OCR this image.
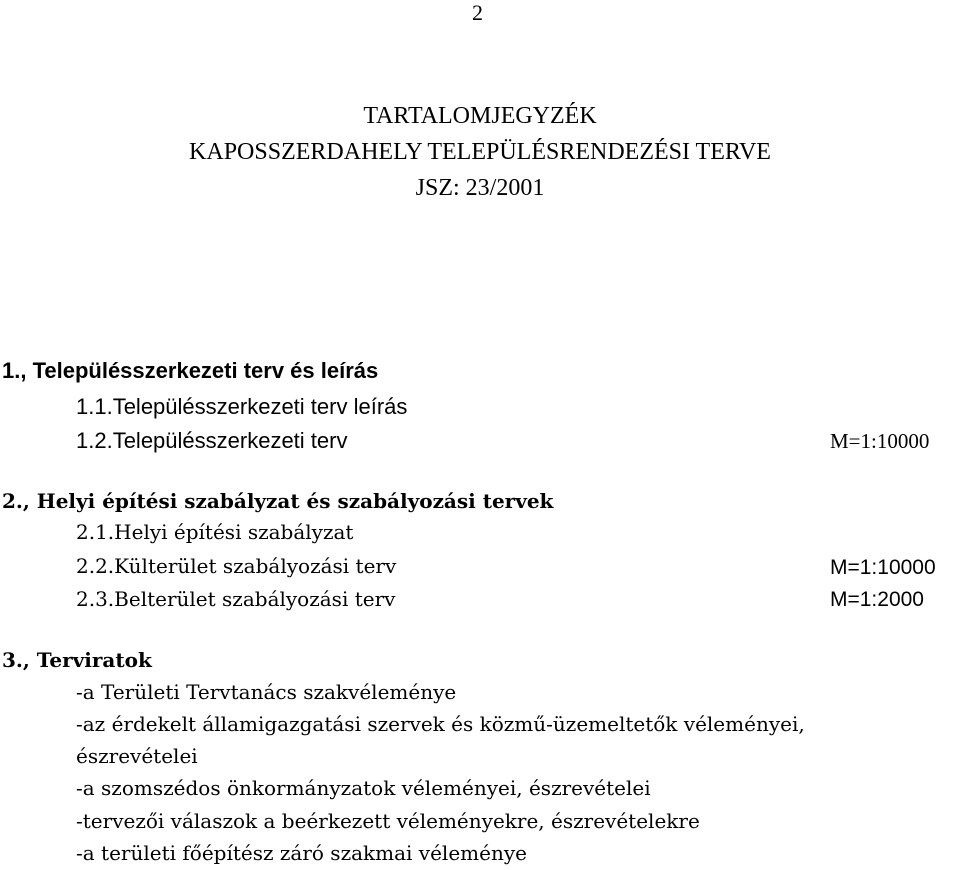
2
TARTALOMJEGYZÉK
KAPOSSZERDAHELY TELEPÜLÉSRENDEZÉSI TERVE
JSZ: 23/2001
1., Településszerkezeti terv és leírás
1.1.Településszerkezeti terv leírás
1.2.Településszerkezeti terv	M=1:10000
2., Helyi építési szabályzat és szabályozási tervek
2.1.Helyi építési szabályzat
2.2.Külterület szabályozási terv	M=1:10000
2.3.Belterület szabályozási terv	M=1:2000
3., Terviratok
-a Területi Tervtanács szakvéleménye
-az érdekelt államigazgatási szervek és közmű-üzemeltetők véleményei,
észrevételei
-a szomszédos önkormányzatok véleményei, észrevételei
-tervezői válaszok a beérkezett véleményekre, észrevételekre
-a területi főépítész záró szakmai véleménye
